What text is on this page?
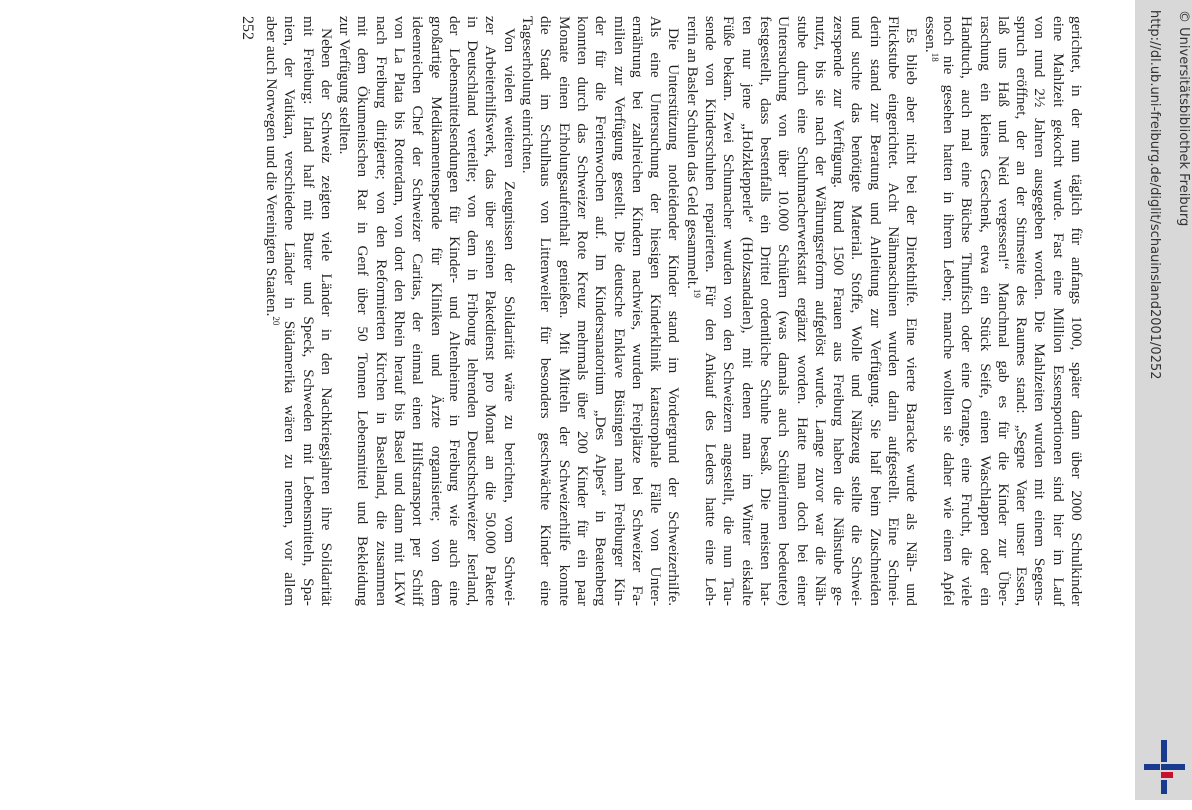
gerichtet, in der nun täglich für anfangs 1000, später dann über 2000 Schulkinder
eine Mahlzeit gekocht wurde. Fast eine Million Essensportionen sind hier im Lauf
von rund 2½ Jahren ausgegeben worden. Die Mahlzeiten wurden mit einem Segens-
spruch eröffnet, der an der Stirnseite des Raumes stand: „Segne Vater unser Essen,
laß uns Haß und Neid vergessen!“ Manchmal gab es für die Kinder zur Über-
raschung ein kleines Geschenk, etwa ein Stück Seife, einen Waschlappen oder ein
Handtuch, auch mal eine Büchse Thunfisch oder eine Orange, eine Frucht, die viele
noch nie gesehen hatten in ihrem Leben; manche wollten sie daher wie einen Apfel
essen.$^{18}$
Es blieb aber nicht bei der Direkthilfe. Eine vierte Baracke wurde als Näh- und
Flickstube eingerichtet. Acht Nähmaschinen wurden darin aufgestellt. Eine Schnei-
derin stand zur Beratung und Anleitung zur Verfügung. Sie half beim Zuschneiden
und suchte das benötigte Material. Stoffe, Wolle und Nähzeug stellte die Schwei-
zerspende zur Verfügung. Rund 1500 Frauen aus Freiburg haben die Nähstube ge-
nutzt, bis sie nach der Währungsreform aufgelöst wurde. Lange zuvor war die Näh-
stube durch eine Schuhmacherwerkstatt ergänzt worden. Hatte man doch bei einer
Untersuchung von über 10.000 Schülern (was damals auch Schülerinnen bedeutete)
festgestellt, dass bestenfalls ein Drittel ordentliche Schuhe besaß. Die meisten hat-
ten nur jene „Holzklepperle“ (Holzsandalen), mit denen man im Winter eiskalte
Füße bekam. Zwei Schumacher wurden von den Schweizern angestellt, die nun Tau-
sende von Kinderschuhen reparierten. Für den Ankauf des Leders hatte eine Leh-
rerin an Basler Schulen das Geld gesammelt.$^{19}$
Die Unterstützung notleidender Kinder stand im Vordergrund der Schweizerhilfe.
Als eine Untersuchung der hiesigen Kinderklinik katastrophale Fälle von Unter-
ernährung bei zahlreichen Kindern nachwies, wurden Freiplätze bei Schweizer Fa-
milien zur Verfügung gestellt. Die deutsche Enklave Büsingen nahm Freiburger Kin-
der für die Ferienwochen auf. Im Kindersanatorium „Des Alpes“ in Beatenberg
konnten durch das Schweizer Rote Kreuz mehrmals über 200 Kinder für ein paar
Monate einen Erholungsaufenthalt genießen. Mit Mitteln der Schweizerhilfe konnte
die Stadt im Schulhaus von Littenweiler für besonders geschwächte Kinder eine
Tageserholung einrichten.
Von vielen weiteren Zeugnissen der Solidarität wäre zu berichten, vom Schwei-
zer Arbeiterhilfswerk, das über seinen Paketdienst pro Monat an die 50.000 Pakete
in Deutschland verteilte; von dem in Fribourg lehrenden Deutschschweizer Iserland,
der Lebensmittelsendungen für Kinder- und Altenheime in Freiburg wie auch eine
großartige Medikamentenspende für Kliniken und Ärzte organisierte; von dem
ideenreichen Chef der Schweizer Caritas, der einmal einen Hilfstransport per Schiff
von La Plata bis Rotterdam, von dort den Rhein herauf bis Basel und dann mit LKW
nach Freiburg dirigierte; von den Reformierten Kirchen in Baselland, die zusammen
mit dem Ökumenischen Rat in Genf über 50 Tonnen Lebensmittel und Bekleidung
zur Verfügung stellten.
Neben der Schweiz zeigten viele Länder in den Nachkriegsjahren ihre Solidarität
mit Freiburg: Irland half mit Butter und Speck, Schweden mit Lebensmitteln, Spa-
nien, der Vatikan, verschiedene Länder in Südamerika wären zu nennen, vor allem
aber auch Norwegen und die Vereinigten Staaten.$^{20}$
252	http://dl.ub.uni-freiburg.de/diglit/schauinsland2001/0252	© Universitätsbibliothek Freiburg
